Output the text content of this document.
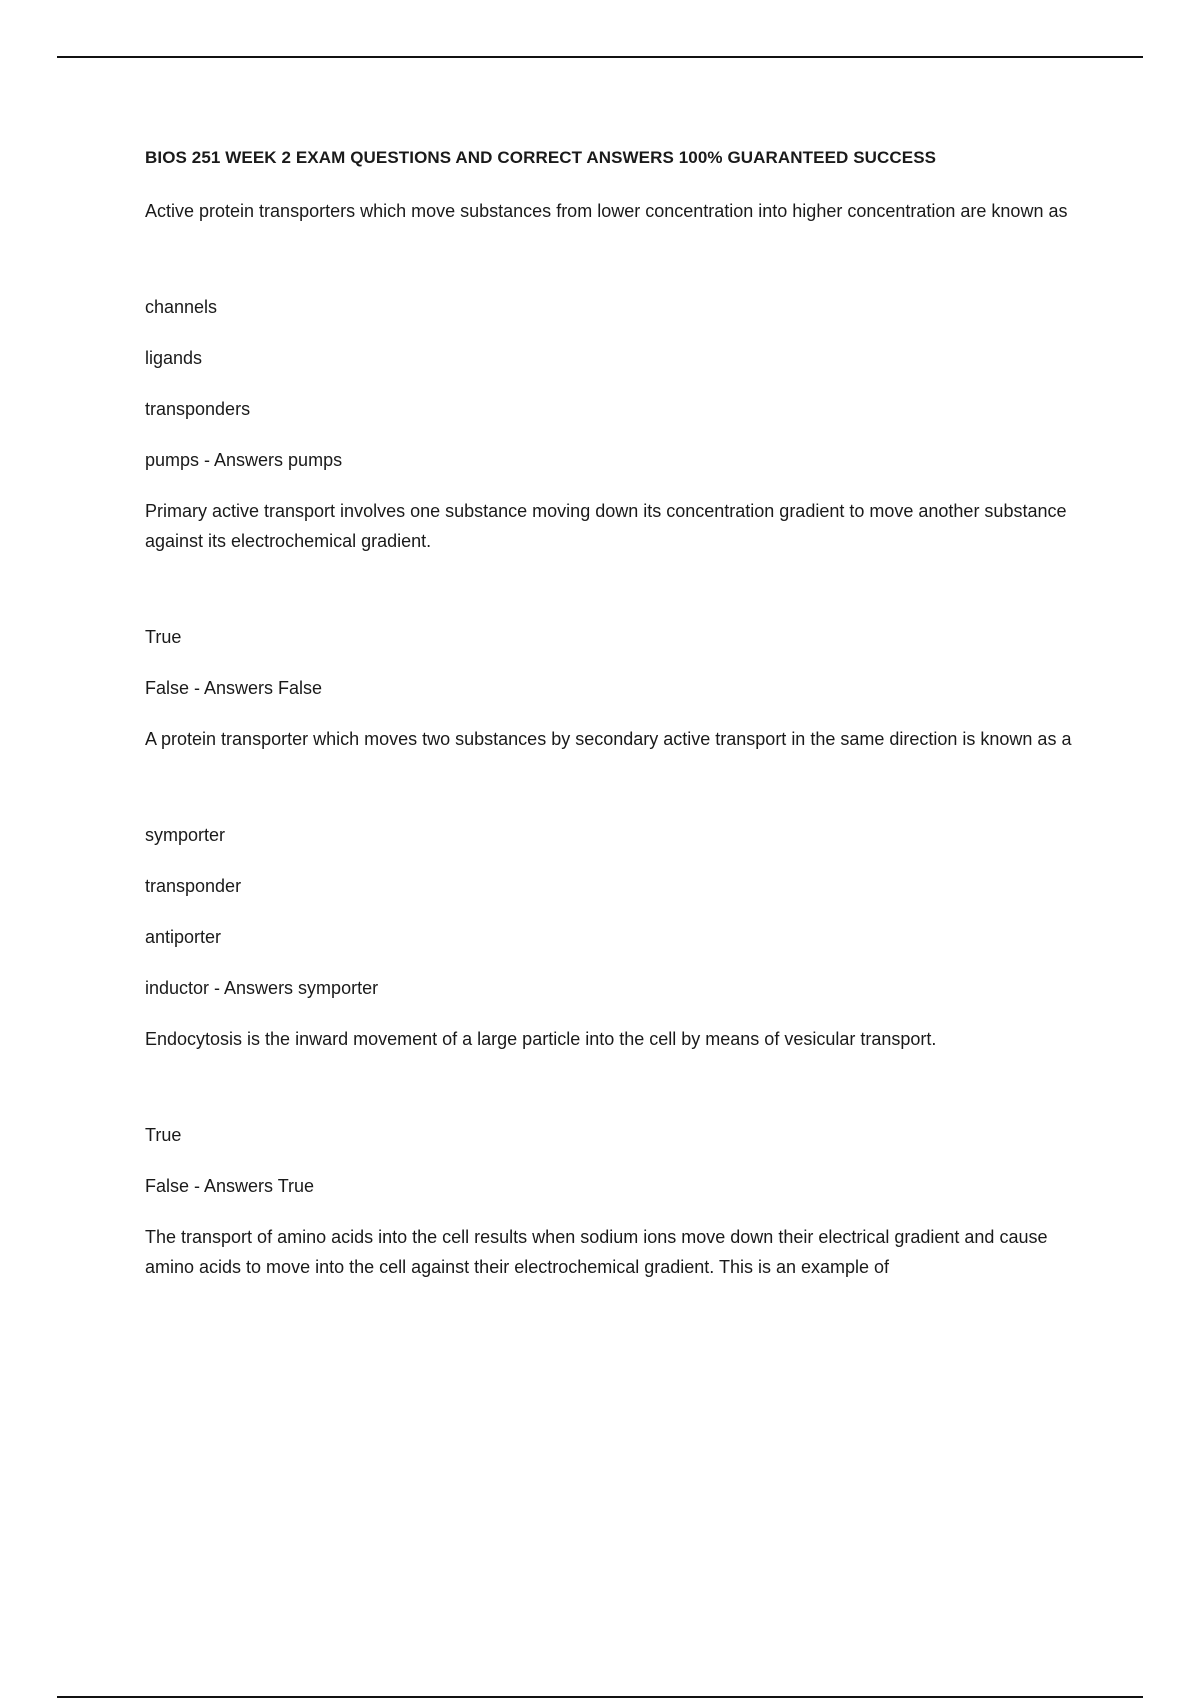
BIOS 251 WEEK 2 EXAM QUESTIONS AND CORRECT ANSWERS 100% GUARANTEED SUCCESS

Active protein transporters which move substances from lower concentration into higher concentration are known as

channels

ligands

transponders

pumps - Answers pumps

Primary active transport involves one substance moving down its concentration gradient to move another substance against its electrochemical gradient.

True

False - Answers False

A protein transporter which moves two substances by secondary active transport in the same direction is known as a

symporter

transponder

antiporter

inductor - Answers symporter

Endocytosis is the inward movement of a large particle into the cell by means of vesicular transport.

True

False - Answers True

The transport of amino acids into the cell results when sodium ions move down their electrical gradient and cause amino acids to move into the cell against their electrochemical gradient. This is an example of
